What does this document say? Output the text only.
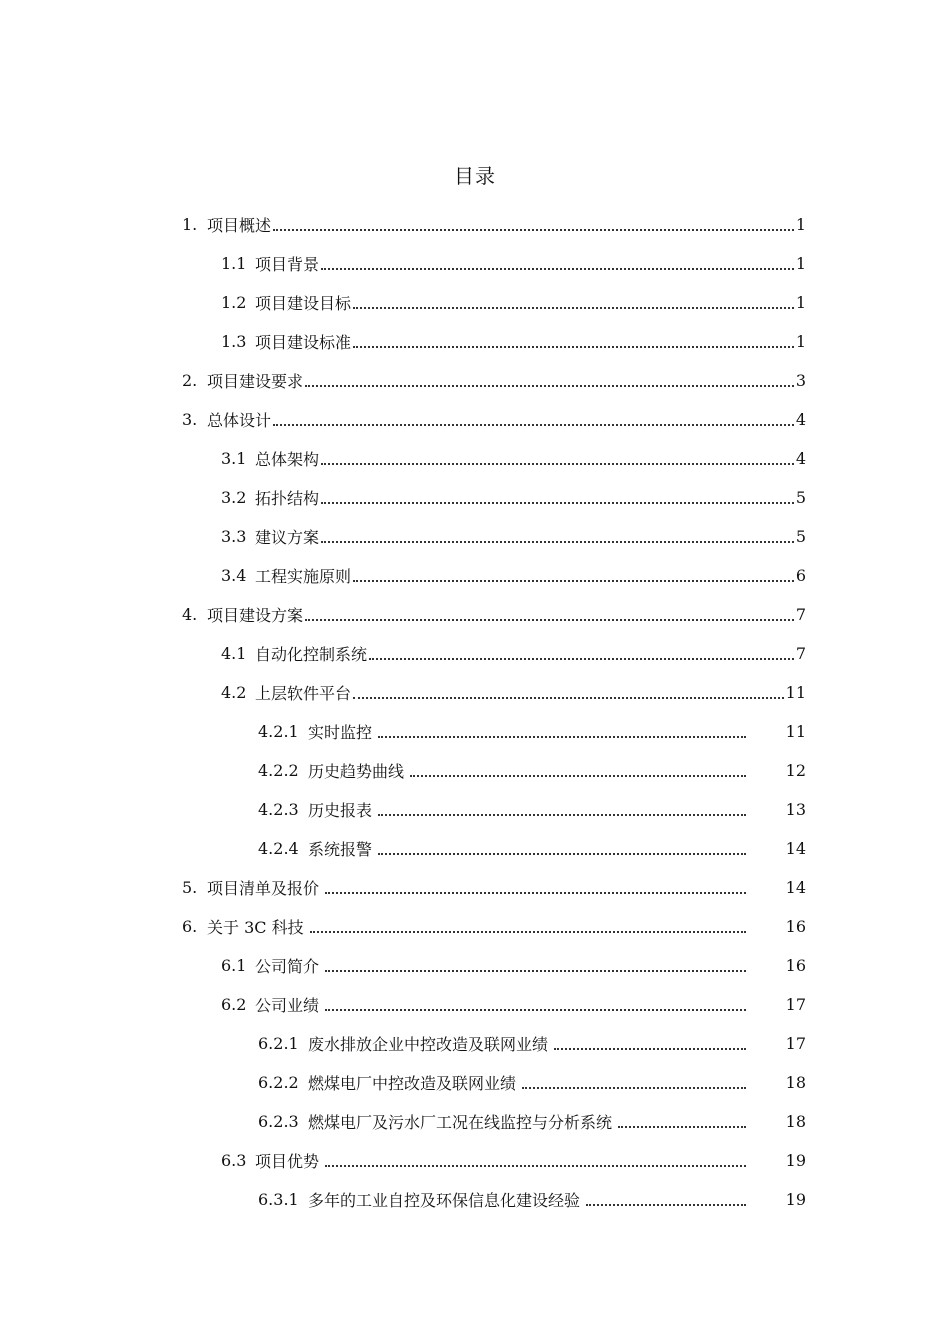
目录
1. 项目概述	1
1.1 项目背景	1
1.2 项目建设目标	1
1.3 项目建设标准	1
2. 项目建设要求	3
3. 总体设计	4
3.1 总体架构	4
3.2 拓扑结构	5
3.3 建议方案	5
3.4 工程实施原则	6
4. 项目建设方案	7
4.1 自动化控制系统	7
4.2 上层软件平台	11
4.2.1 实时监控	11
4.2.2 历史趋势曲线	12
4.2.3 历史报表	13
4.2.4 系统报警	14
5. 项目清单及报价	14
6. 关于 3C 科技	16
6.1 公司简介	16
6.2 公司业绩	17
6.2.1 废水排放企业中控改造及联网业绩	17
6.2.2 燃煤电厂中控改造及联网业绩	18
6.2.3 燃煤电厂及污水厂工况在线监控与分析系统	18
6.3 项目优势	19
6.3.1 多年的工业自控及环保信息化建设经验	19
